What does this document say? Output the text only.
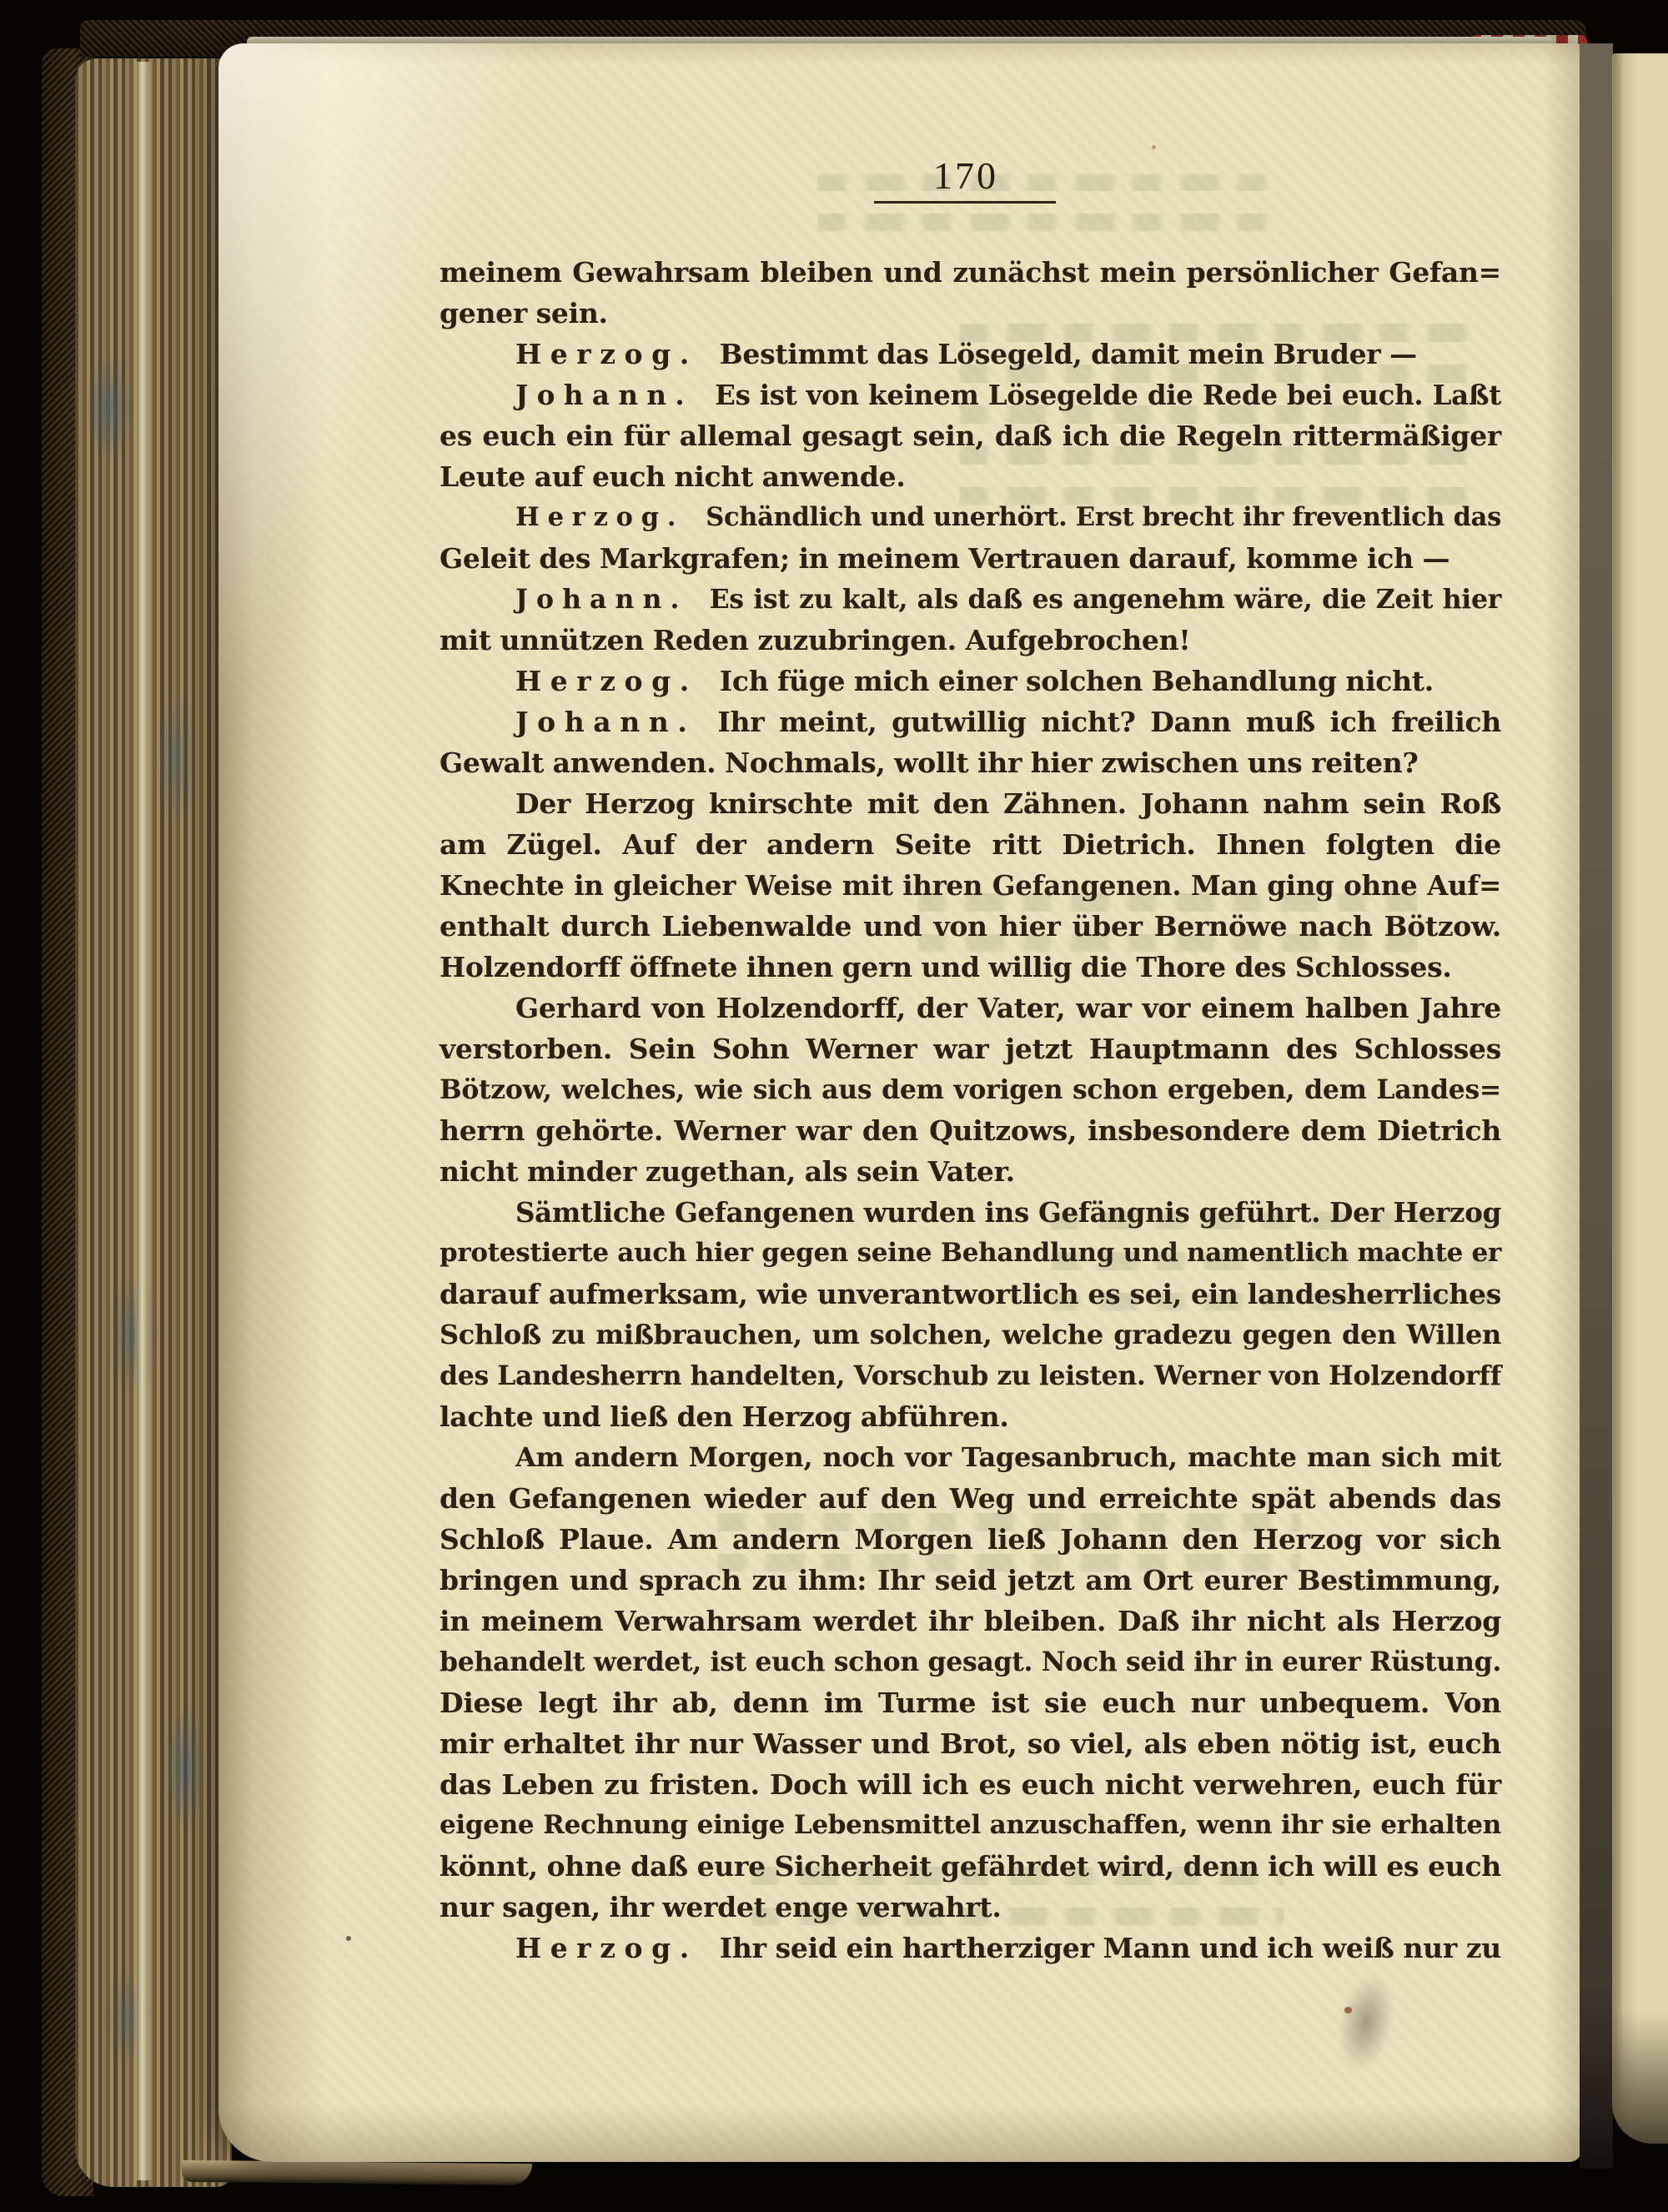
170
meinem Gewahrsam bleiben und zunächst mein persönlicher Gefan=
gener sein.
Herzog. Bestimmt das Lösegeld, damit mein Bruder —
Johann. Es ist von keinem Lösegelde die Rede bei euch. Laßt
es euch ein für allemal gesagt sein, daß ich die Regeln rittermäßiger
Leute auf euch nicht anwende.
Herzog. Schändlich und unerhört. Erst brecht ihr freventlich das
Geleit des Markgrafen; in meinem Vertrauen darauf, komme ich —
Johann. Es ist zu kalt, als daß es angenehm wäre, die Zeit hier
mit unnützen Reden zuzubringen. Aufgebrochen!
Herzog. Ich füge mich einer solchen Behandlung nicht.
Johann. Ihr meint, gutwillig nicht? Dann muß ich freilich
Gewalt anwenden. Nochmals, wollt ihr hier zwischen uns reiten?
Der Herzog knirschte mit den Zähnen. Johann nahm sein Roß
am Zügel. Auf der andern Seite ritt Dietrich. Ihnen folgten die
Knechte in gleicher Weise mit ihren Gefangenen. Man ging ohne Auf=
enthalt durch Liebenwalde und von hier über Bernöwe nach Bötzow.
Holzendorff öffnete ihnen gern und willig die Thore des Schlosses.
Gerhard von Holzendorff, der Vater, war vor einem halben Jahre
verstorben. Sein Sohn Werner war jetzt Hauptmann des Schlosses
Bötzow, welches, wie sich aus dem vorigen schon ergeben, dem Landes=
herrn gehörte. Werner war den Quitzows, insbesondere dem Dietrich
nicht minder zugethan, als sein Vater.
Sämtliche Gefangenen wurden ins Gefängnis geführt. Der Herzog
protestierte auch hier gegen seine Behandlung und namentlich machte er
darauf aufmerksam, wie unverantwortlich es sei, ein landesherrliches
Schloß zu mißbrauchen, um solchen, welche gradezu gegen den Willen
des Landesherrn handelten, Vorschub zu leisten. Werner von Holzendorff
lachte und ließ den Herzog abführen.
Am andern Morgen, noch vor Tagesanbruch, machte man sich mit
den Gefangenen wieder auf den Weg und erreichte spät abends das
Schloß Plaue. Am andern Morgen ließ Johann den Herzog vor sich
bringen und sprach zu ihm: Ihr seid jetzt am Ort eurer Bestimmung,
in meinem Verwahrsam werdet ihr bleiben. Daß ihr nicht als Herzog
behandelt werdet, ist euch schon gesagt. Noch seid ihr in eurer Rüstung.
Diese legt ihr ab, denn im Turme ist sie euch nur unbequem. Von
mir erhaltet ihr nur Wasser und Brot, so viel, als eben nötig ist, euch
das Leben zu fristen. Doch will ich es euch nicht verwehren, euch für
eigene Rechnung einige Lebensmittel anzuschaffen, wenn ihr sie erhalten
könnt, ohne daß eure Sicherheit gefährdet wird, denn ich will es euch
nur sagen, ihr werdet enge verwahrt.
Herzog. Ihr seid ein hartherziger Mann und ich weiß nur zu
